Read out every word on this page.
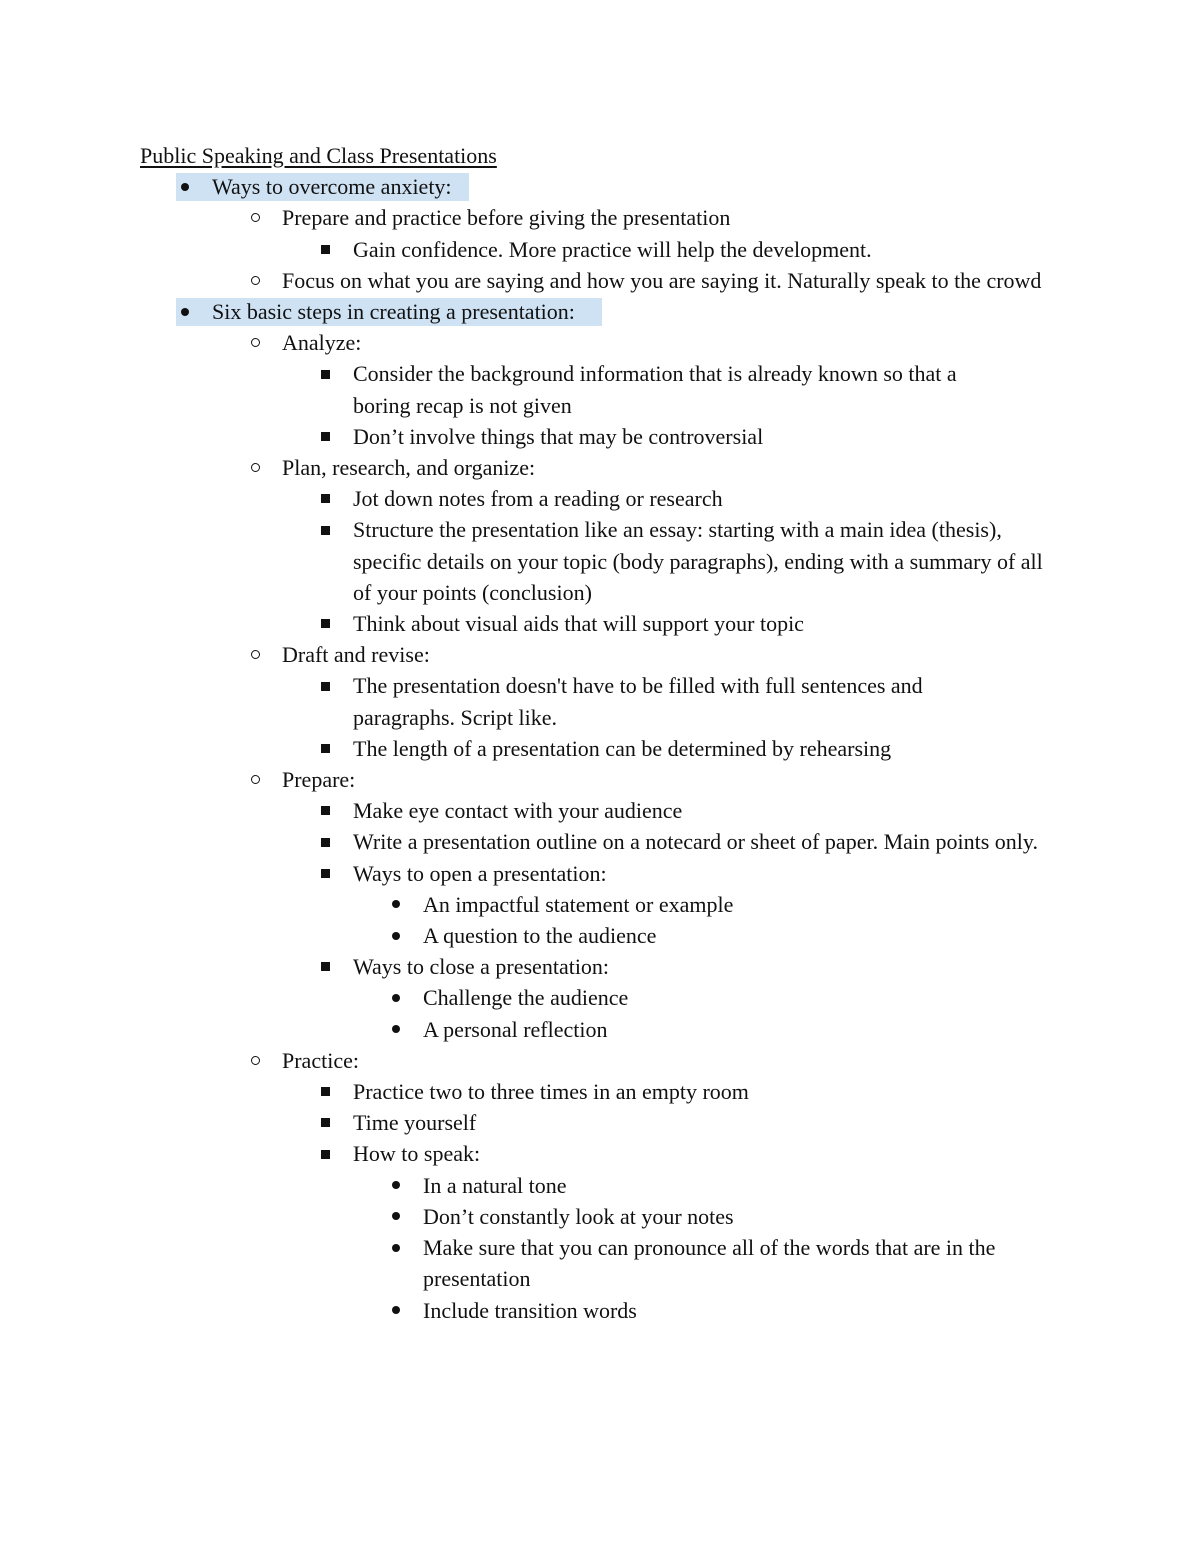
Public Speaking and Class Presentations
Ways to overcome anxiety:
Prepare and practice before giving the presentation
Gain confidence. More practice will help the development.
Focus on what you are saying and how you are saying it. Naturally speak to the crowd
Six basic steps in creating a presentation:
Analyze:
Consider the background information that is already known so that a boring recap is not given
Don’t involve things that may be controversial
Plan, research, and organize:
Jot down notes from a reading or research
Structure the presentation like an essay: starting with a main idea (thesis), specific details on your topic (body paragraphs), ending with a summary of all of your points (conclusion)
Think about visual aids that will support your topic
Draft and revise:
The presentation doesn't have to be filled with full sentences and paragraphs. Script like.
The length of a presentation can be determined by rehearsing
Prepare:
Make eye contact with your audience
Write a presentation outline on a notecard or sheet of paper. Main points only.
Ways to open a presentation:
An impactful statement or example
A question to the audience
Ways to close a presentation:
Challenge the audience
A personal reflection
Practice:
Practice two to three times in an empty room
Time yourself
How to speak:
In a natural tone
Don’t constantly look at your notes
Make sure that you can pronounce all of the words that are in the presentation
Include transition words
